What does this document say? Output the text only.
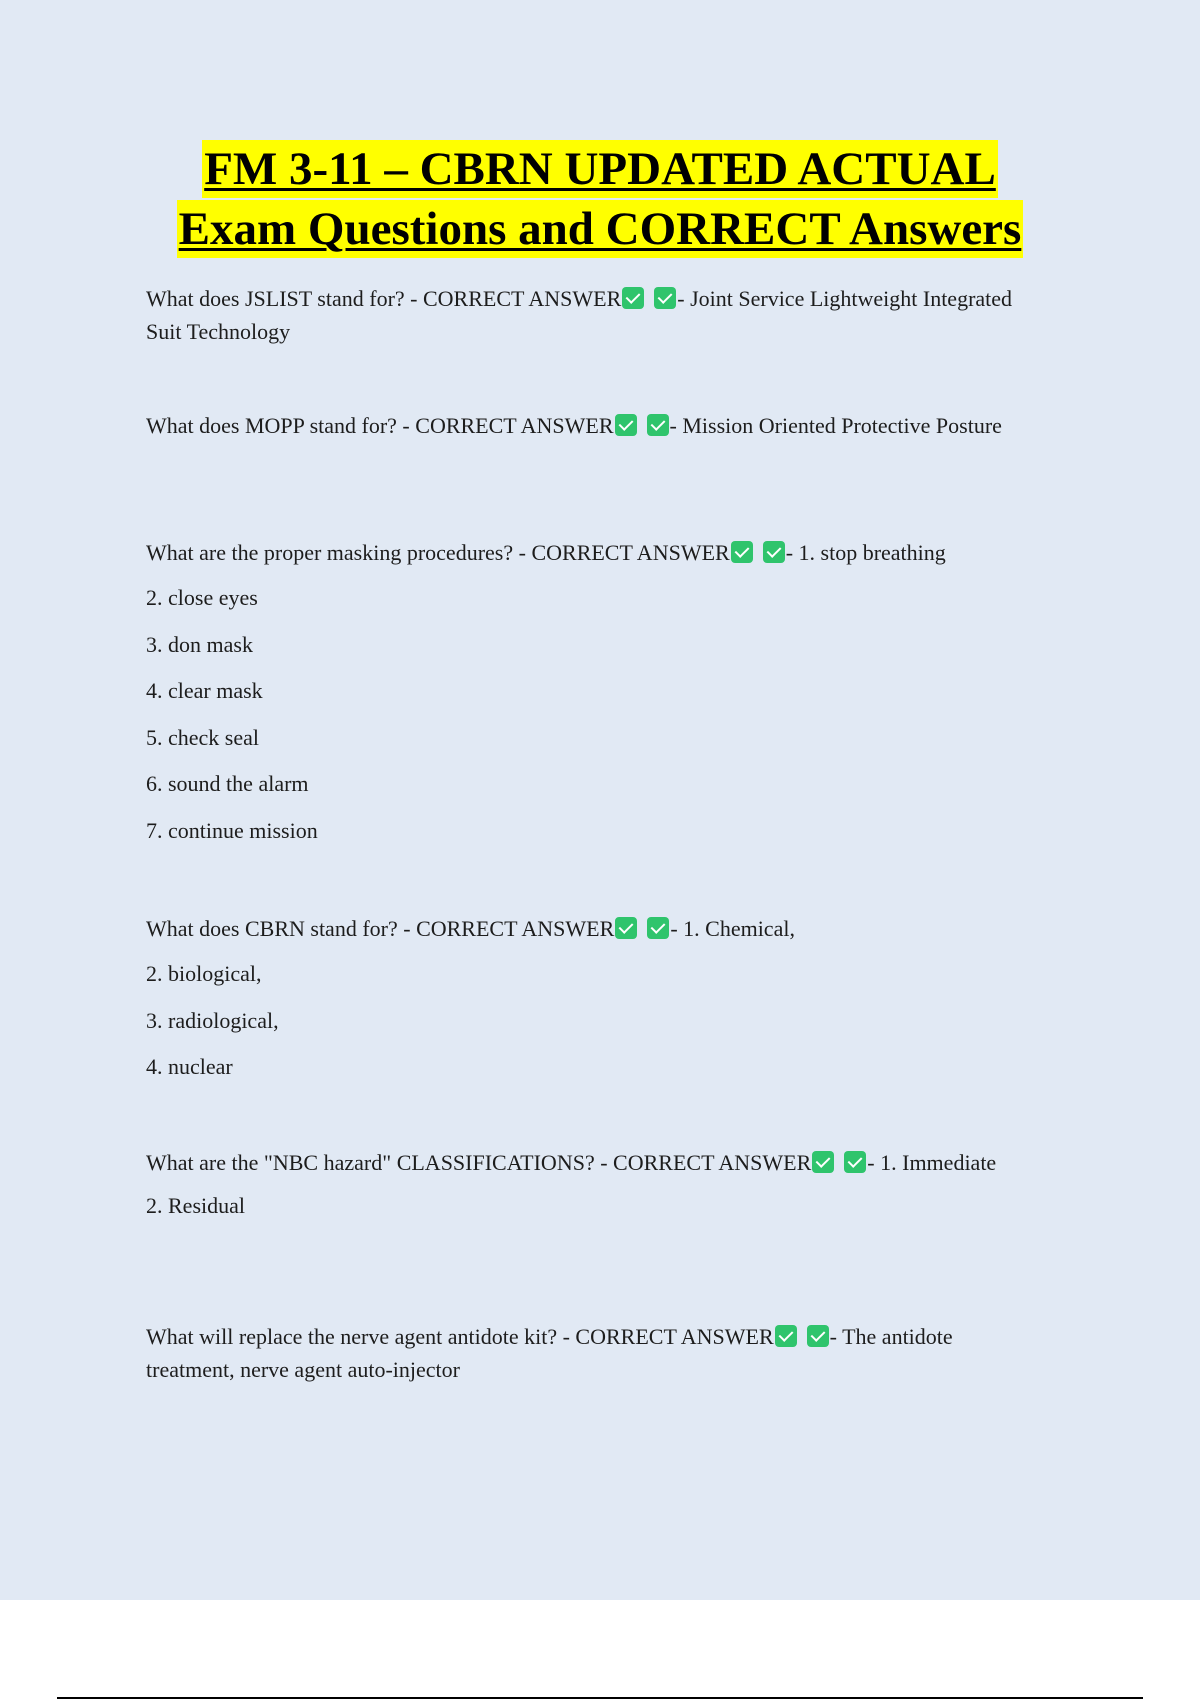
FM 3-11 – CBRN UPDATED ACTUAL
Exam Questions and CORRECT Answers

What does JSLIST stand for? - CORRECT ANSWER	- Joint Service Lightweight Integrated Suit Technology

What does MOPP stand for? - CORRECT ANSWER	- Mission Oriented Protective Posture

What are the proper masking procedures? - CORRECT ANSWER	- 1. stop breathing

2. close eyes

3. don mask

4. clear mask

5. check seal

6. sound the alarm

7. continue mission

What does CBRN stand for? - CORRECT ANSWER	- 1. Chemical,

2. biological,

3. radiological,

4. nuclear

What are the "NBC hazard" CLASSIFICATIONS? - CORRECT ANSWER	- 1. Immediate

2. Residual

What will replace the nerve agent antidote kit? - CORRECT ANSWER	- The antidote treatment, nerve agent auto-injector
